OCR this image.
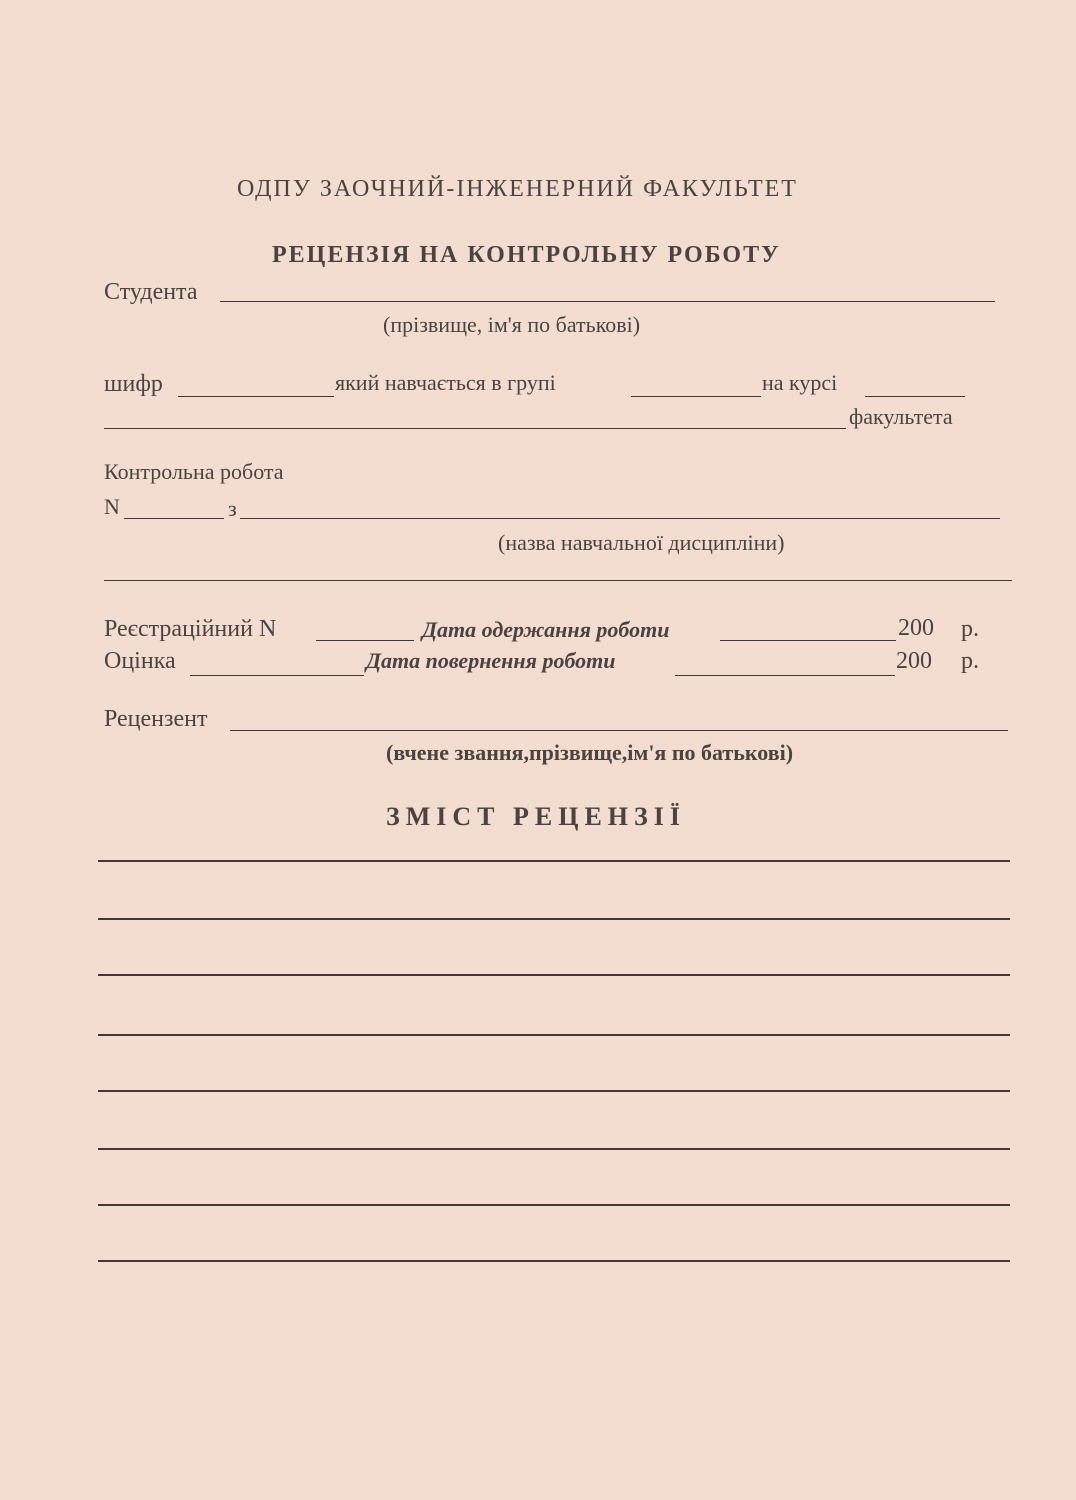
ОДПУ ЗАОЧНИЙ-ІНЖЕНЕРНИЙ ФАКУЛЬТЕТ
РЕЦЕНЗІЯ НА КОНТРОЛЬНУ РОБОТУ
Студента
(прізвище, ім'я по батькові)
шифр	який навчається в групі	на курсі
факультета
Контрольна робота
N	з
(назва навчальної дисципліни)
Реєстраційний N	Дата одержання роботи	200 р.
Оцінка	Дата повернення роботи	200 р.
Рецензент
(вчене звання,прізвище,ім'я по батькові)
ЗМІСТ РЕЦЕНЗІЇ
